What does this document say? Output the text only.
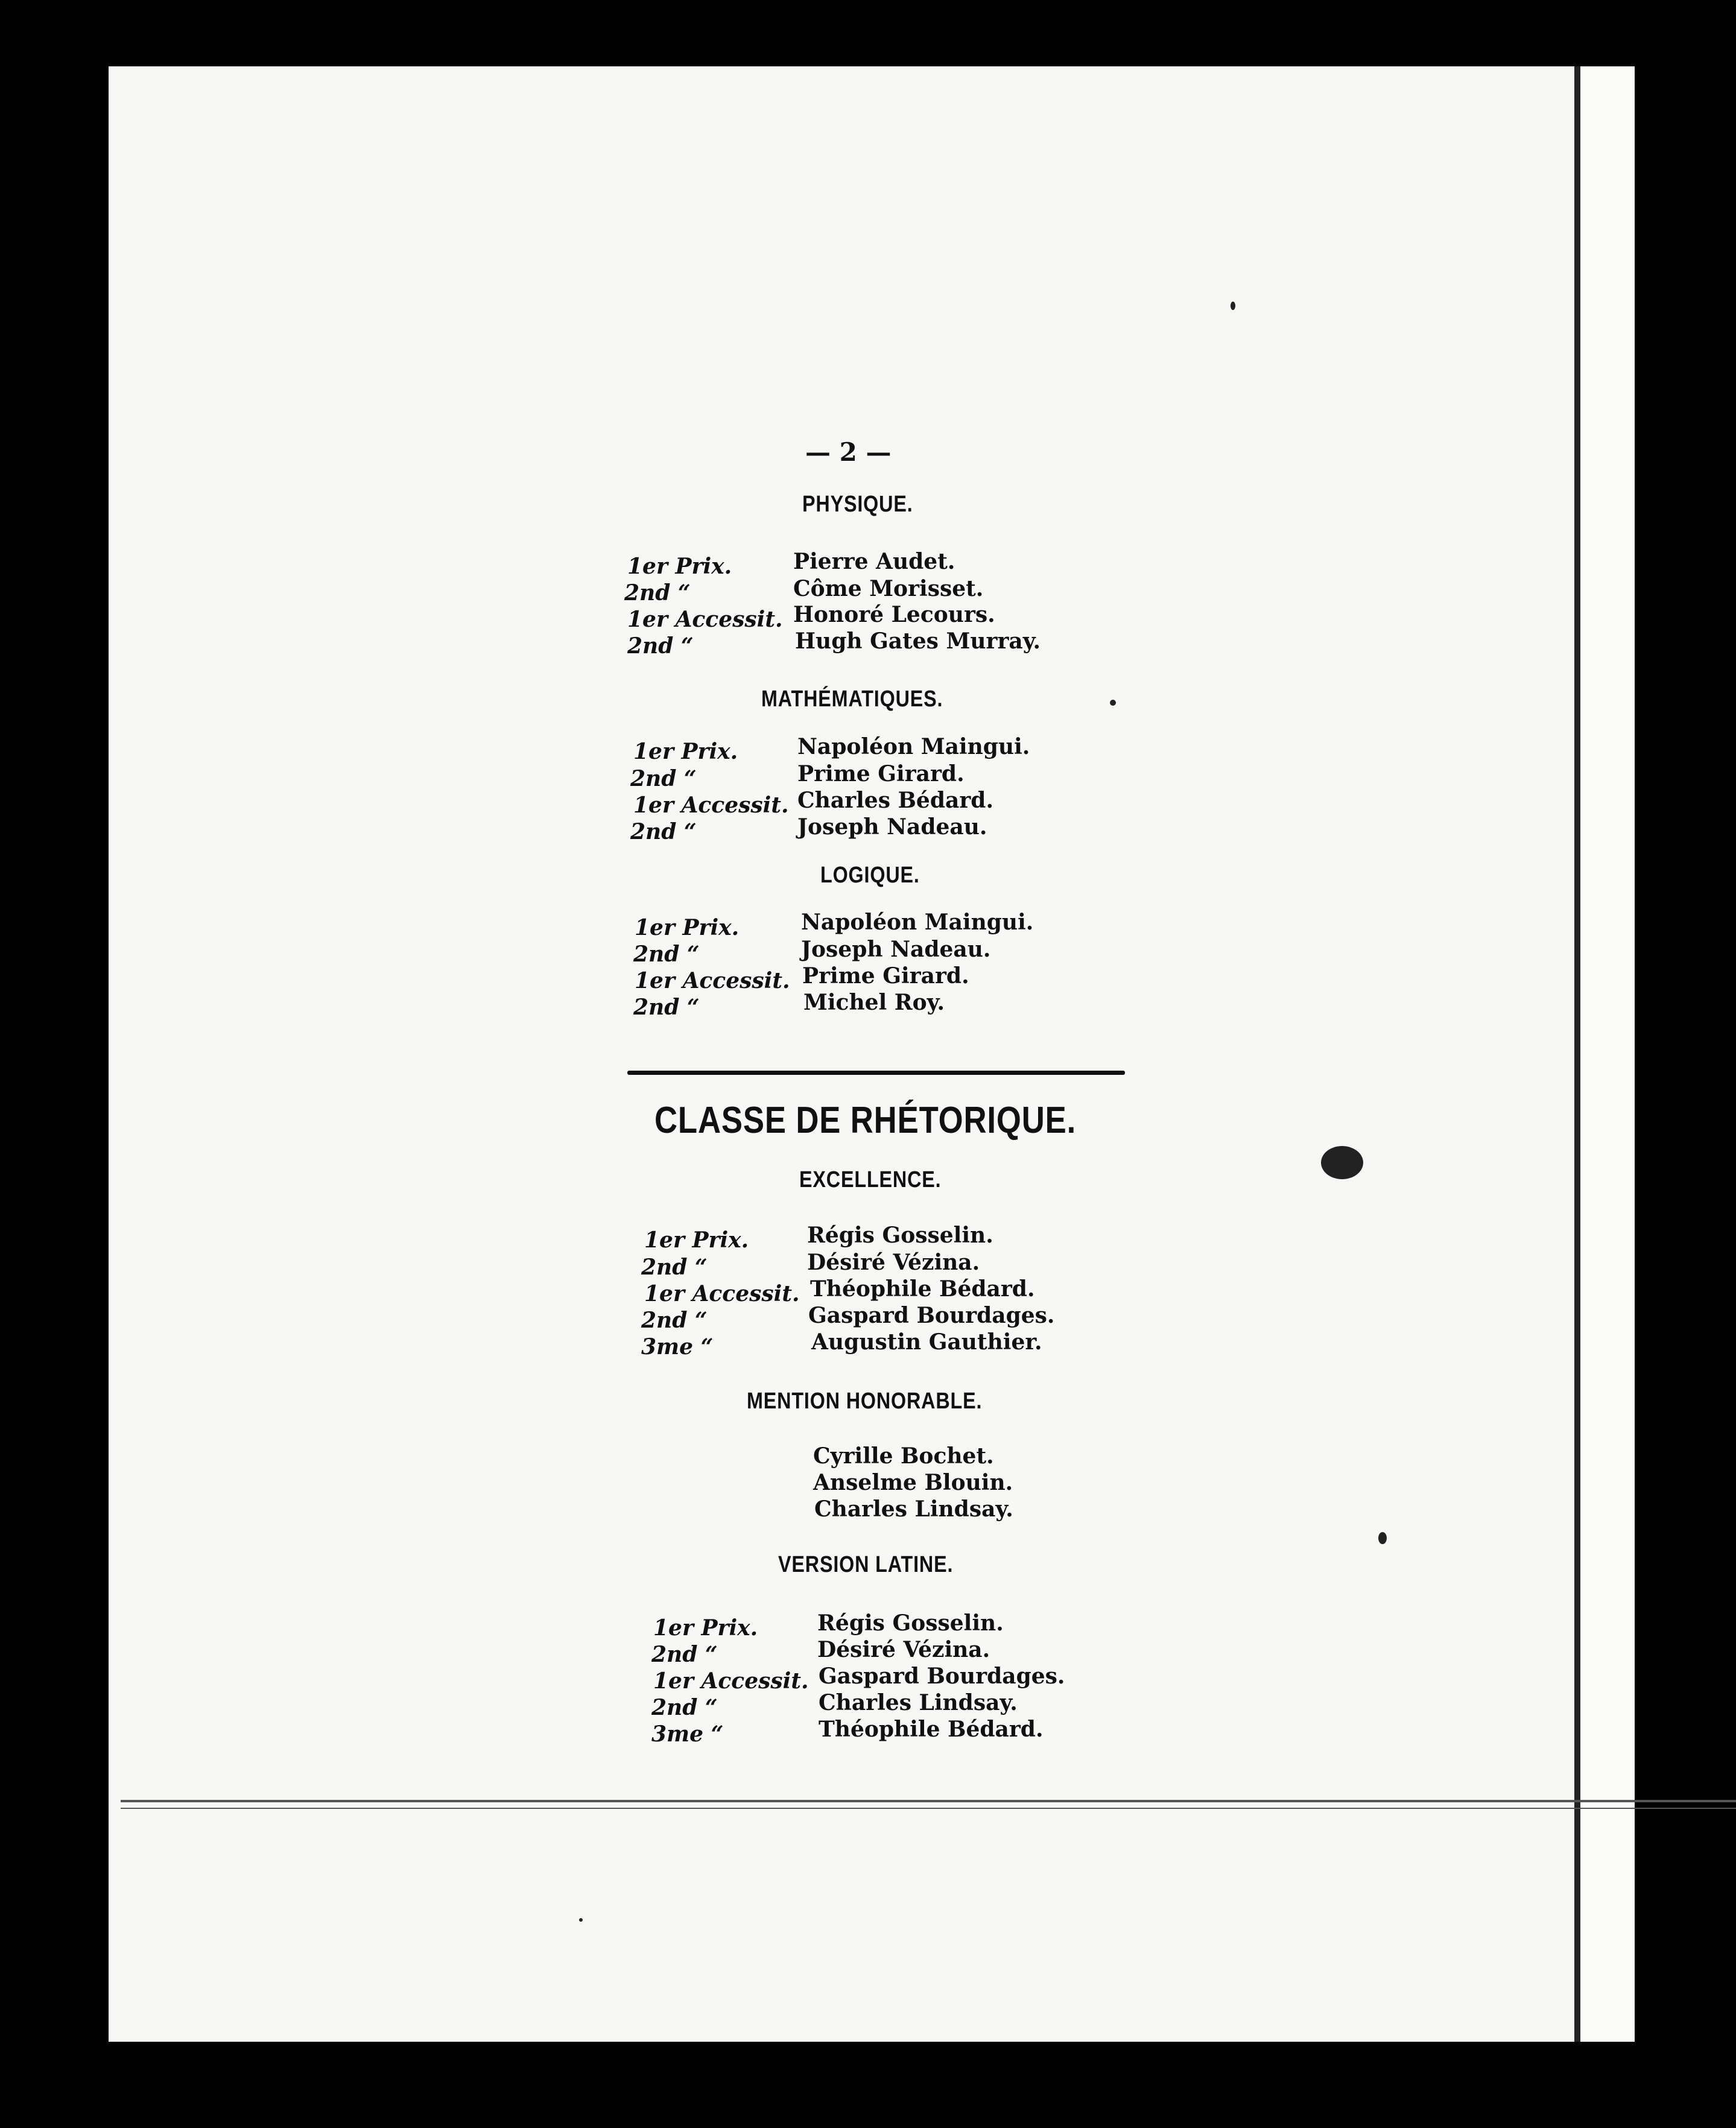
— 2 —
PHYSIQUE.
1er Prix.	Pierre Audet.
2nd “	Côme Morisset.
1er Accessit. Honoré Lecours.
2nd “	Hugh Gates Murray.
MATHÉMATIQUES.
1er Prix.	Napoléon Maingui.
2nd “	Prime Girard.
1er Accessit. Charles Bédard.
2nd “	Joseph Nadeau.
LOGIQUE.
1er Prix.	Napoléon Maingui.
2nd “	Joseph Nadeau.
1er Accessit. Prime Girard.
2nd “	Michel Roy.
CLASSE DE RHÉTORIQUE.
EXCELLENCE.
1er Prix.	Régis Gosselin.
2nd “	Désiré Vézina.
1er Accessit. Théophile Bédard.
2nd “	Gaspard Bourdages.
3me “	Augustin Gauthier.
MENTION HONORABLE.
Cyrille Bochet.
Anselme Blouin.
Charles Lindsay.
VERSION LATINE.
1er Prix.	Régis Gosselin.
2nd “	Désiré Vézina.
1er Accessit. Gaspard Bourdages.
2nd “	Charles Lindsay.
3me “	Théophile Bédard.
